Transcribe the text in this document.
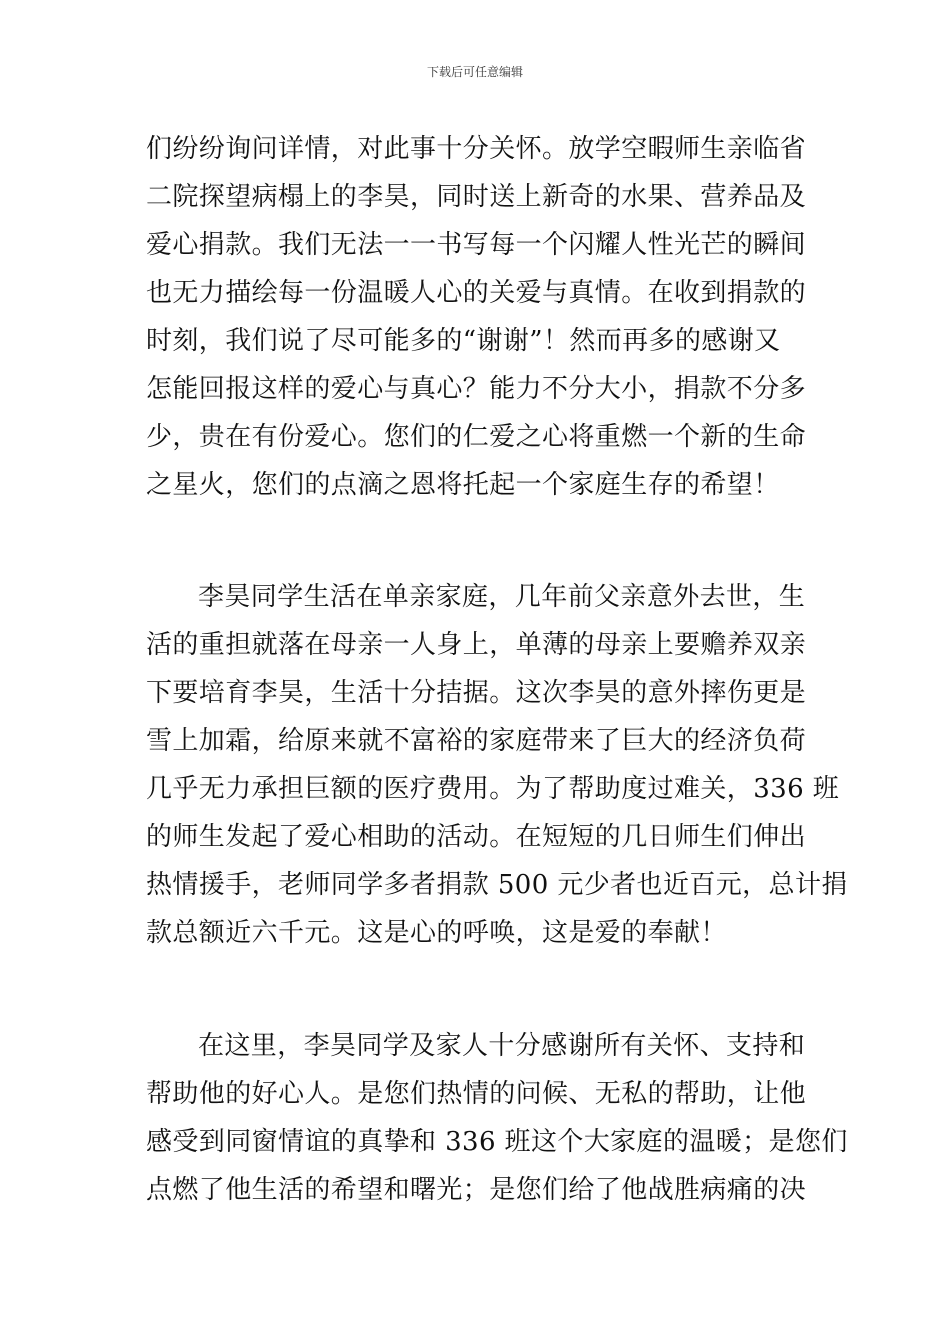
下载后可任意编辑
们纷纷询问详情，对此事十分关怀。放学空暇师生亲临省
二院探望病榻上的李昊，同时送上新奇的水果、营养品及
爱心捐款。我们无法一一书写每一个闪耀人性光芒的瞬间
也无力描绘每一份温暖人心的关爱与真情。在收到捐款的
时刻，我们说了尽可能多的“谢谢”！然而再多的感谢又
怎能回报这样的爱心与真心？能力不分大小，捐款不分多
少，贵在有份爱心。您们的仁爱之心将重燃一个新的生命
之星火，您们的点滴之恩将托起一个家庭生存的希望！
李昊同学生活在单亲家庭，几年前父亲意外去世，生
活的重担就落在母亲一人身上，单薄的母亲上要赡养双亲
下要培育李昊，生活十分拮据。这次李昊的意外摔伤更是
雪上加霜，给原来就不富裕的家庭带来了巨大的经济负荷
几乎无力承担巨额的医疗费用。为了帮助度过难关，336 班
的师生发起了爱心相助的活动。在短短的几日师生们伸出
热情援手，老师同学多者捐款 500 元少者也近百元，总计捐
款总额近六千元。这是心的呼唤，这是爱的奉献！
在这里，李昊同学及家人十分感谢所有关怀、支持和
帮助他的好心人。是您们热情的问候、无私的帮助，让他
感受到同窗情谊的真挚和 336 班这个大家庭的温暖；是您们
点燃了他生活的希望和曙光；是您们给了他战胜病痛的决
